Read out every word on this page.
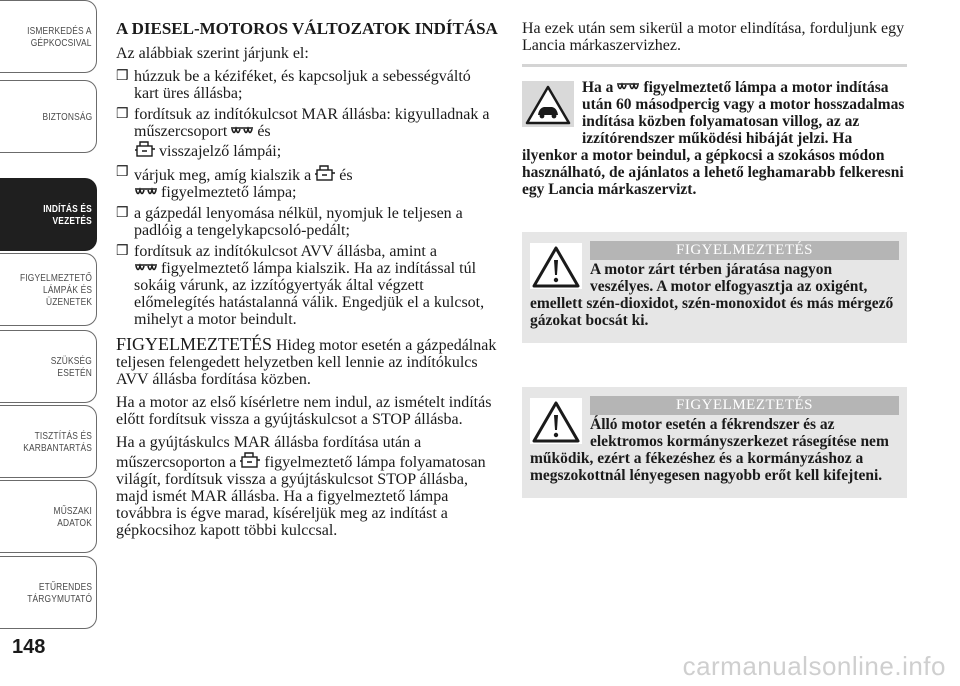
ISMERKEDÉS A
GÉPKOCSIVAL
BIZTONSÁG
INDÍTÁS ÉS
VEZETÉS
FIGYELMEZTETŐ
LÁMPÁK ÉS
ÜZENETEK
SZÜKSÉG ESETÉN
TISZTÍTÁS ÉS
KARBANTARTÁS
MŰSZAKI ADATOK
ETŰRENDES
TÁRGYMUTATÓ
148
A DIESEL-MOTOROS VÁLTOZATOK INDÍTÁSA

Az alábbiak szerint járjunk el:

❒ húzzuk be a kéziféket, és kapcsoljuk a sebességváltó kart üres állásba;
❒ fordítsuk az indítókulcsot MAR állásba: kigyulladnak a műszercsoport és
visszajelző lámpái;
❒ várjuk meg, amíg kialszik a és
figyelmeztető lámpa;
❒ a gázpedál lenyomása nélkül, nyomjuk le teljesen a padlóig a tengelykapcsoló-pedált;
❒ fordítsuk az indítókulcsot AVV állásba, amint a
figyelmeztető lámpa kialszik. Ha az indítással túl sokáig várunk, az izzítógyertyák által végzett előmelegítés hatástalanná válik. Engedjük el a kulcsot, mihelyt a motor beindult.

FIGYELMEZTETÉS Hideg motor esetén a gázpedálnak teljesen felengedett helyzetben kell lennie az indítókulcs AVV állásba fordítása közben.

Ha a motor az első kísérletre nem indul, az ismételt indítás előtt fordítsuk vissza a gyújtáskulcsot a STOP állásba.

Ha a gyújtáskulcs MAR állásba fordítása után a műszercsoporton a figyelmeztető lámpa folyamatosan világít, fordítsuk vissza a gyújtáskulcsot STOP állásba, majd ismét MAR állásba. Ha a figyelmeztető lámpa továbbra is égve marad, kíséreljük meg az indítást a gépkocsihoz kapott többi kulccsal.

Ha ezek után sem sikerül a motor elindítása, forduljunk egy Lancia márkaszervizhez.

Ha a figyelmeztető lámpa a motor indítása után 60 másodpercig vagy a motor hosszadalmas indítása közben folyamatosan villog, az az izzítórendszer működési hibáját jelzi. Ha ilyenkor a motor beindul, a gépkocsi a szokásos módon használható, de ajánlatos a lehető leghamarabb felkeresni egy Lancia márkaszervizt.
FIGYELMEZTETÉS
A motor zárt térben járatása nagyon veszélyes. A motor elfogyasztja az oxigént, emellett szén-dioxidot, szén-monoxidot és más mérgező gázokat bocsát ki.
FIGYELMEZTETÉS
Álló motor esetén a fékrendszer és az elektromos kormányszerkezet rásegítése nem működik, ezért a fékezéshez és a kormányzáshoz a megszokottnál lényegesen nagyobb erőt kell kifejteni.
carmanualsonline.info
